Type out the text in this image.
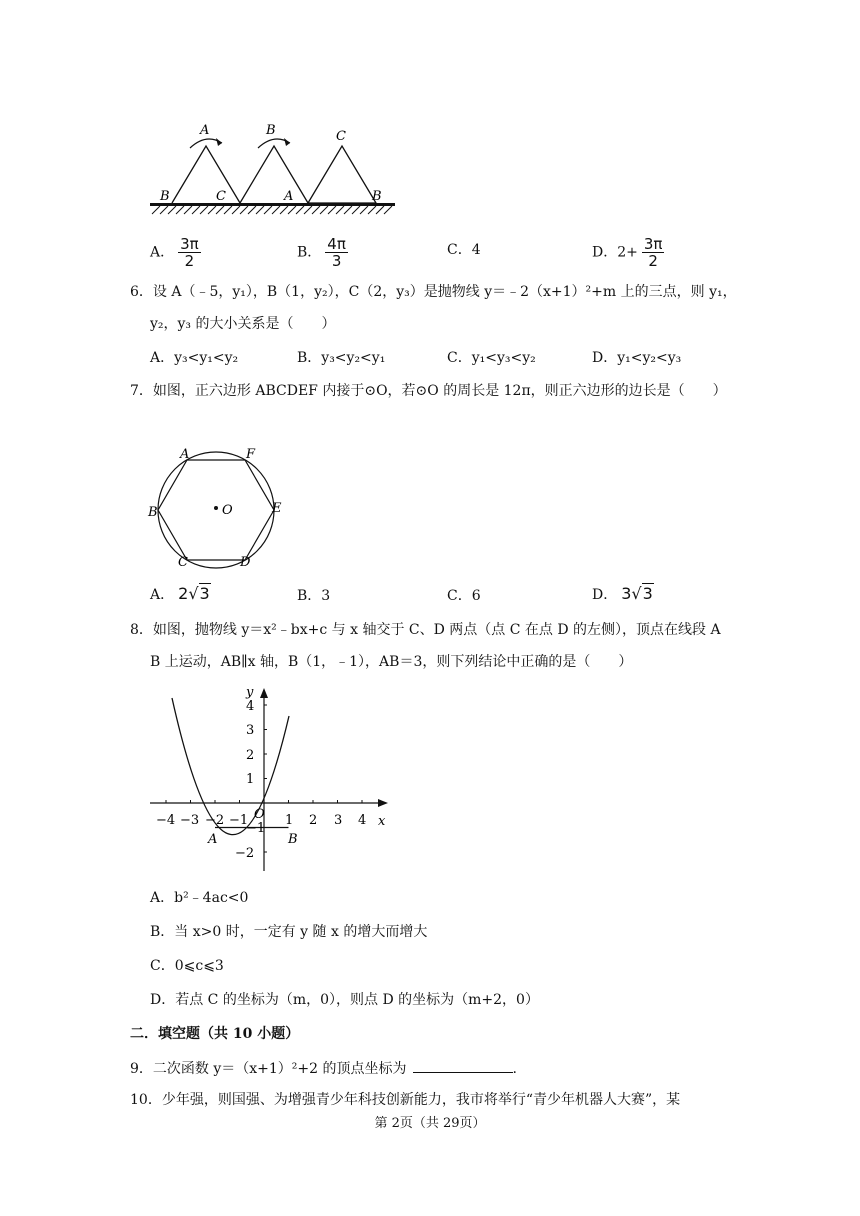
A	B	C
B	C	A	B
A． $\frac{3\pi}{2}$	B． $\frac{4\pi}{3}$	C．4	D．$2+ \frac{3\pi}{2}$
6．设 A（﹣5，y₁），B（1，y₂），C（2，y₃）是抛物线 y＝﹣2（x+1）²+m 上的三点，则 y₁，
y₂，y₃ 的大小关系是（　　）
A．y₃<y₁<y₂	B．y₃<y₂<y₁	C．y₁<y₃<y₂	D．y₁<y₂<y₃
7．如图，正六边形 ABCDEF 内接于⊙O，若⊙O 的周长是 12π，则正六边形的边长是（　　）
A	F
B	E
C	D
O
A． 2√3	B．3	C．6	D． 3√3
8．如图，抛物线 y＝x²﹣bx+c 与 x 轴交于 C、D 两点（点 C 在点 D 的左侧），顶点在线段 A
B 上运动，AB∥x 轴，B（1，﹣1），AB＝3，则下列结论中正确的是（　　）
y
x
O
A	B
−4 −3 −2 −1	1 2 3 4
4
3
2
1
−1
−2
A．b²﹣4ac<0
B．当 x>0 时，一定有 y 随 x 的增大而增大
C．0⩽c⩽3
D．若点 C 的坐标为（m，0），则点 D 的坐标为（m+2，0）
二．填空题（共 10 小题）
9．二次函数 y＝（x+1）²+2 的顶点坐标为	.
10．少年强，则国强、为增强青少年科技创新能力，我市将举行“青少年机器人大赛”，某
第 2页（共 29页）
